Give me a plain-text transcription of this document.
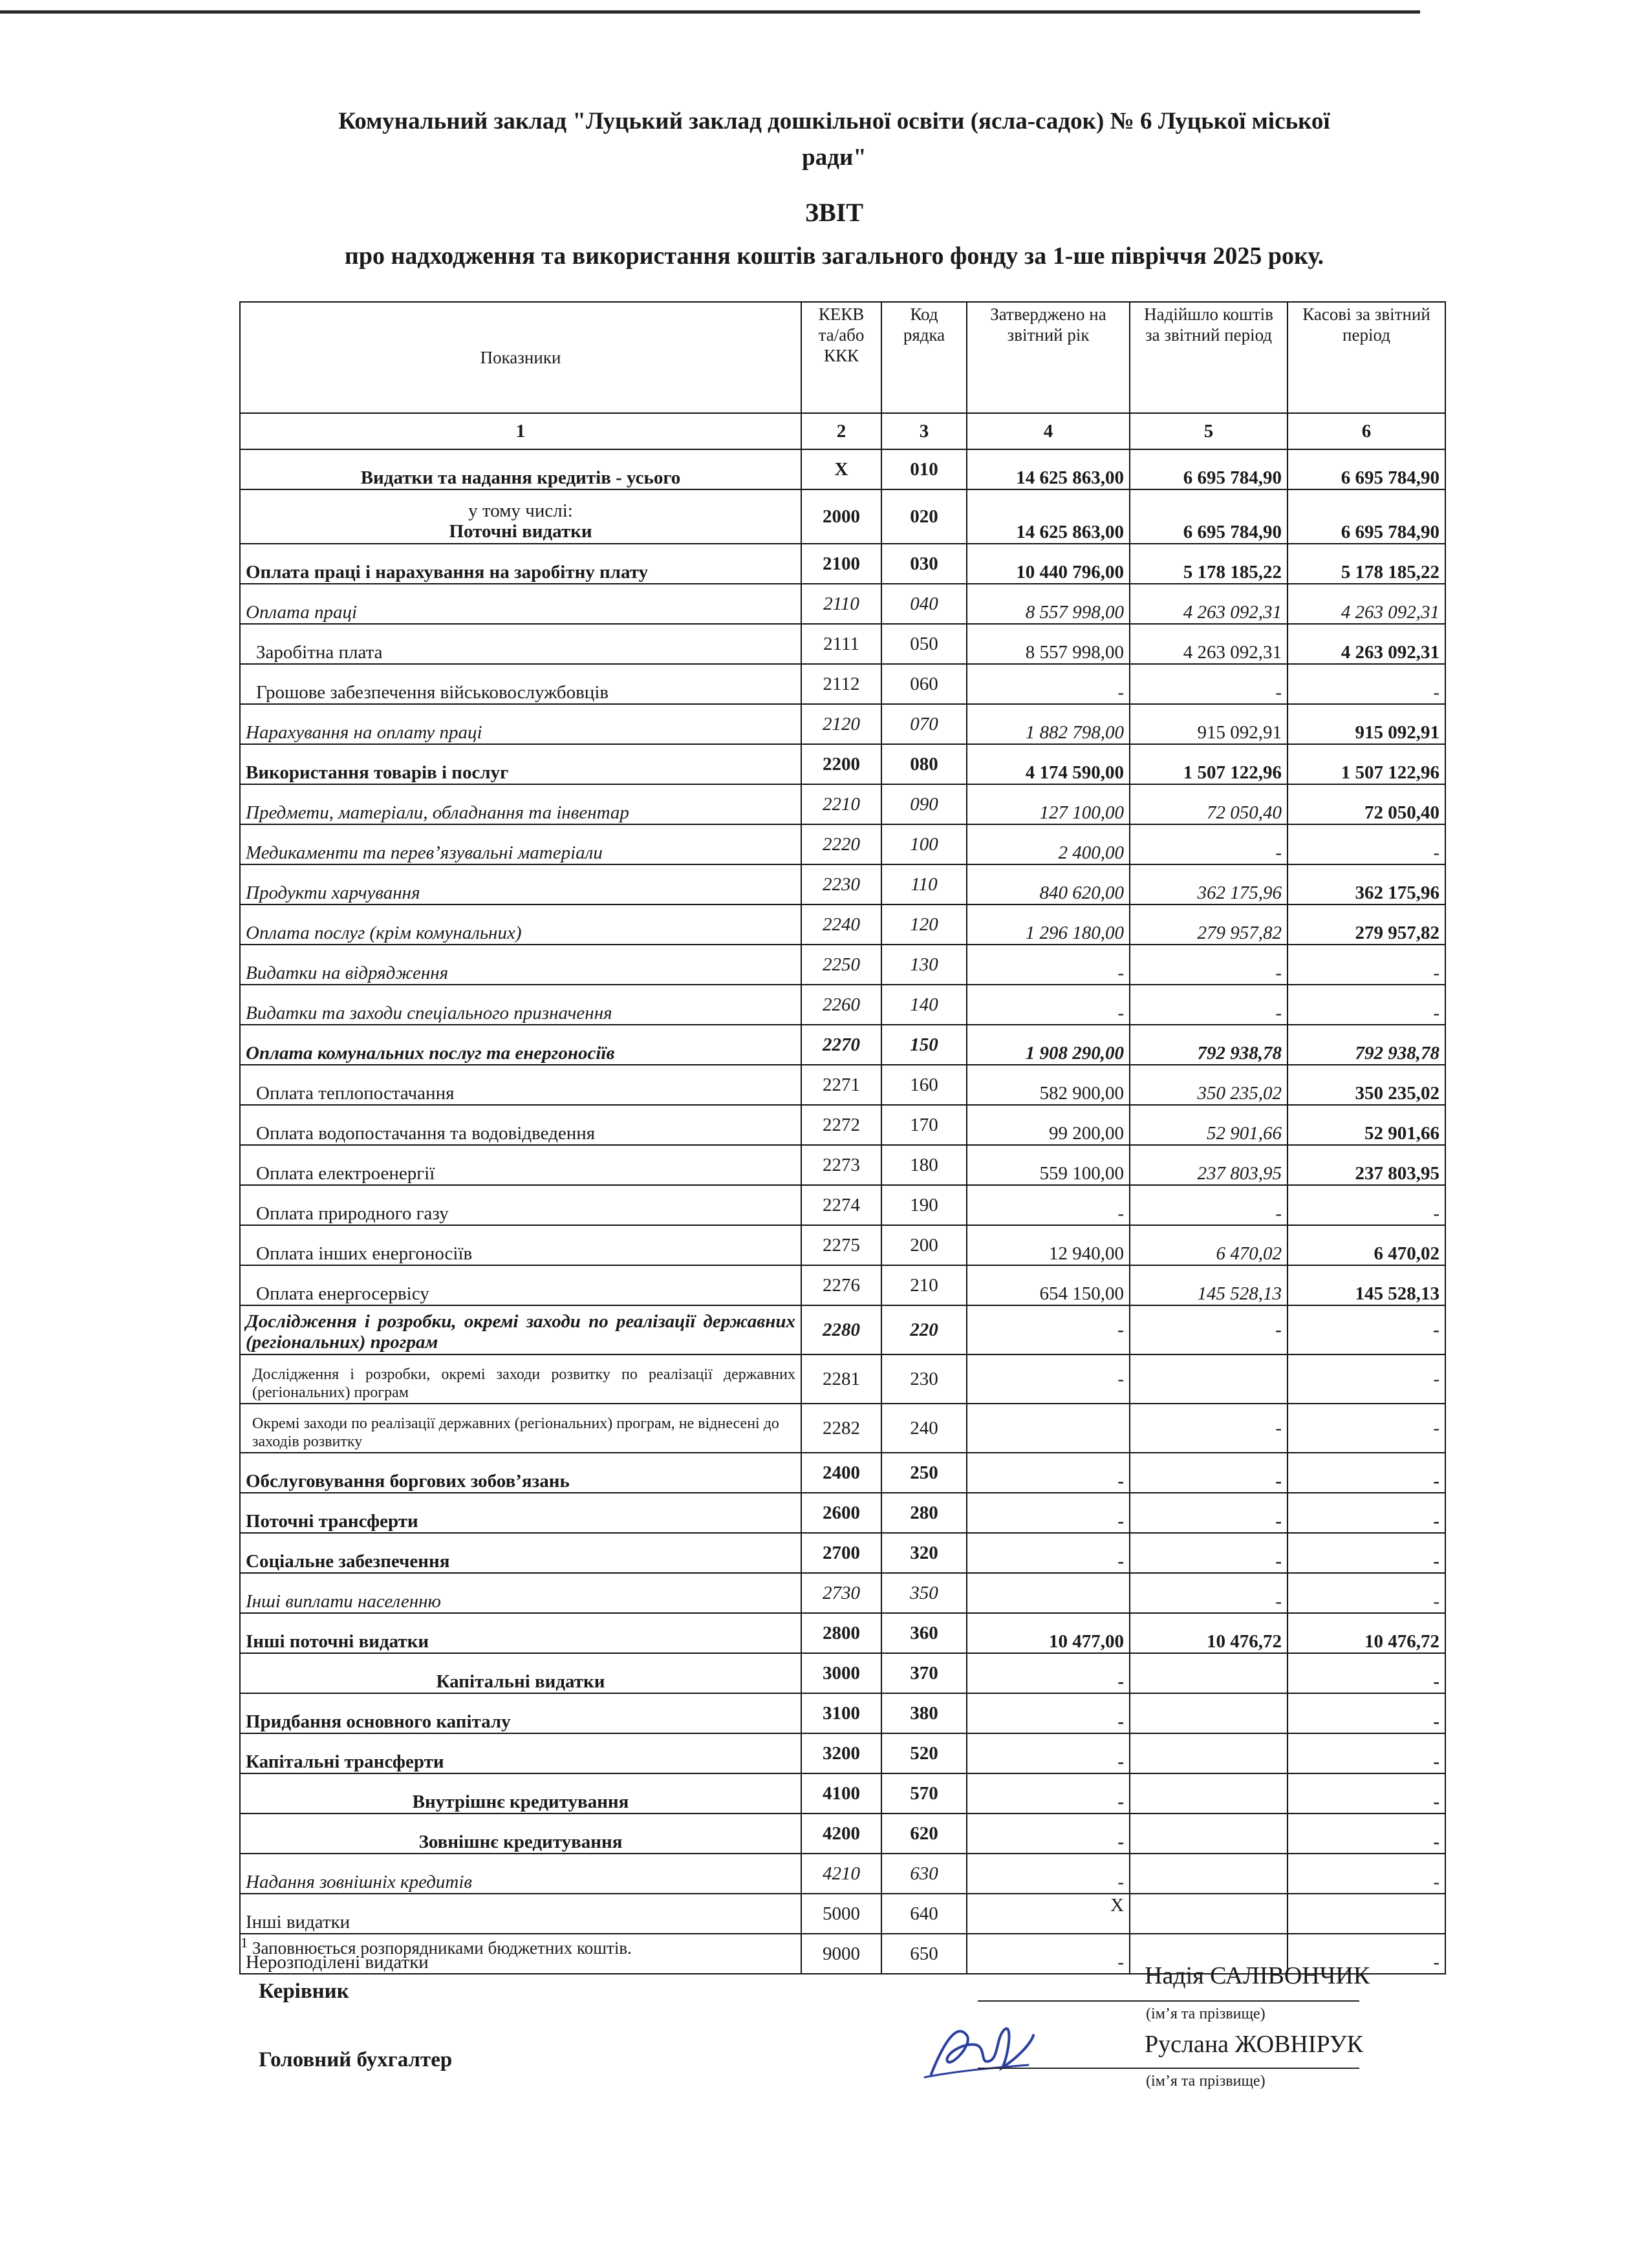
Комунальний заклад "Луцький заклад дошкільної освіти (ясла-садок) № 6 Луцької міської
ради"
ЗВІТ
про надходження та використання коштів загального фонду за 1-ше півріччя 2025 року.
Показники	КЕКВ та/або ККК	Код рядка	Затверджено на звітний рік	Надійшло коштів за звітний період	Касові за звітний період
1	2	3	4	5	6
Видатки та надання кредитів - усього	Х	010	14 625 863,00	6 695 784,90	6 695 784,90
у тому числі:
Поточні видатки	2000	020	14 625 863,00	6 695 784,90	6 695 784,90
Оплата праці і нарахування на заробітну плату	2100	030	10 440 796,00	5 178 185,22	5 178 185,22
Оплата праці	2110	040	8 557 998,00	4 263 092,31	4 263 092,31
Заробітна плата	2111	050	8 557 998,00	4 263 092,31	4 263 092,31
Грошове забезпечення військовослужбовців	2112	060	-	-	-
Нарахування на оплату праці	2120	070	1 882 798,00	915 092,91	915 092,91
Використання товарів і послуг	2200	080	4 174 590,00	1 507 122,96	1 507 122,96
Предмети, матеріали, обладнання та інвентар	2210	090	127 100,00	72 050,40	72 050,40
Медикаменти та перев’язувальні матеріали	2220	100	2 400,00	-	-
Продукти харчування	2230	110	840 620,00	362 175,96	362 175,96
Оплата послуг (крім комунальних)	2240	120	1 296 180,00	279 957,82	279 957,82
Видатки на відрядження	2250	130	-	-	-
Видатки та заходи спеціального призначення	2260	140	-	-	-
Оплата комунальних послуг та енергоносіїв	2270	150	1 908 290,00	792 938,78	792 938,78
Оплата теплопостачання	2271	160	582 900,00	350 235,02	350 235,02
Оплата водопостачання та водовідведення	2272	170	99 200,00	52 901,66	52 901,66
Оплата електроенергії	2273	180	559 100,00	237 803,95	237 803,95
Оплата природного газу	2274	190	-	-	-
Оплата інших енергоносіїв	2275	200	12 940,00	6 470,02	6 470,02
Оплата енергосервісу	2276	210	654 150,00	145 528,13	145 528,13
Дослідження і розробки, окремі заходи по реалізації державних (регіональних) програм	2280	220	-	-	-
Дослідження і розробки, окремі заходи розвитку по реалізації державних (регіональних) програм	2281	230	-		-
Окремі заходи по реалізації державних (регіональних) програм, не віднесені до заходів розвитку	2282	240		-	-
Обслуговування боргових зобов’язань	2400	250	-	-	-
Поточні трансферти	2600	280	-	-	-
Соціальне забезпечення	2700	320	-	-	-
Інші виплати населенню	2730	350		-	-
Інші поточні видатки	2800	360	10 477,00	10 476,72	10 476,72
Капітальні видатки	3000	370	-		-
Придбання основного капіталу	3100	380	-		-
Капітальні трансферти	3200	520	-		-
Внутрішнє кредитування	4100	570	-		-
Зовнішнє кредитування	4200	620	-		-
Надання зовнішніх кредитів	4210	630	-		-
Інші видатки	5000	640	Х		
Нерозподілені видатки	9000	650	-		-
$^1$ Заповнюється розпорядниками бюджетних коштів.
Керівник
Надія САЛІВОНЧИК
(ім’я та прізвище)
Головний бухгалтер
Руслана ЖОВНІРУК
(ім’я та прізвище)
